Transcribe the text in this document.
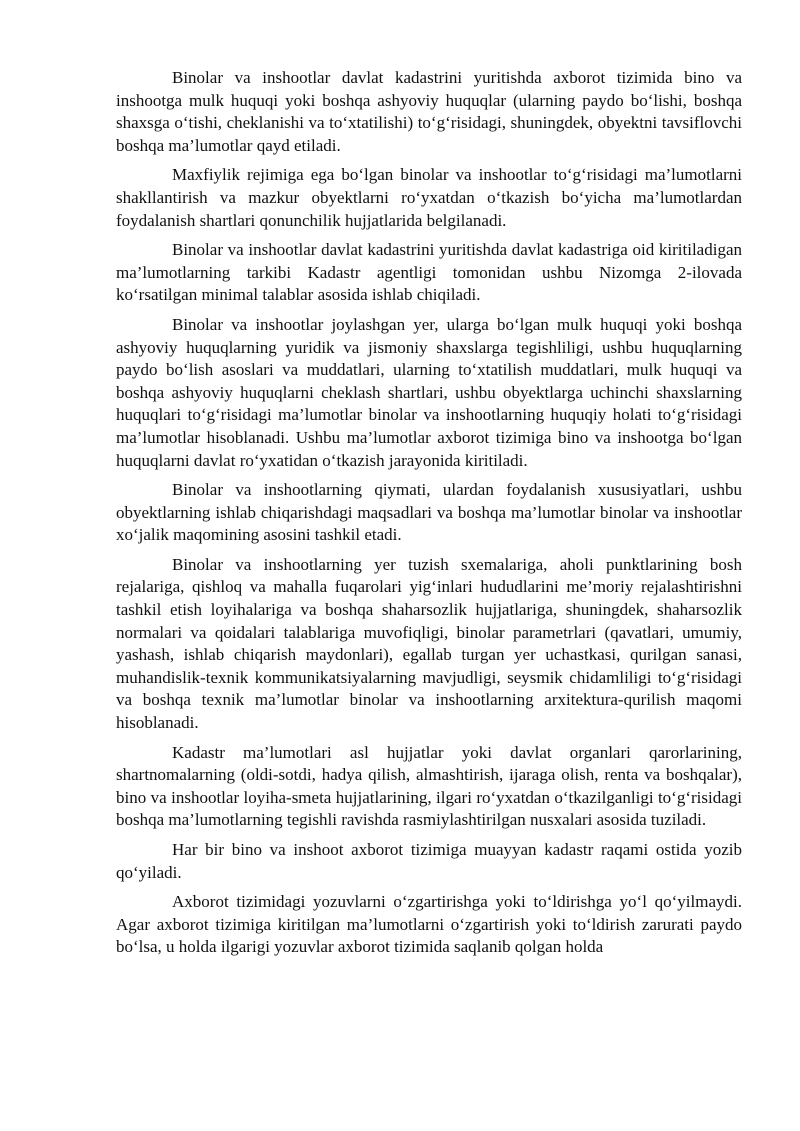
Binolar va inshootlar davlat kadastrini yuritishda axborot tizimida bino va inshootga mulk huquqi yoki boshqa ashyoviy huquqlar (ularning paydo bo‘lishi, boshqa shaxsga o‘tishi, cheklanishi va to‘xtatilishi) to‘g‘risidagi, shuningdek, obyektni tavsiflovchi boshqa ma’lumotlar qayd etiladi.

Maxfiylik rejimiga ega bo‘lgan binolar va inshootlar to‘g‘risidagi ma’lumotlarni shakllantirish va mazkur obyektlarni ro‘yxatdan o‘tkazish bo‘yicha ma’lumotlardan foydalanish shartlari qonunchilik hujjatlarida belgilanadi.

Binolar va inshootlar davlat kadastrini yuritishda davlat kadastriga oid kiritiladigan ma’lumotlarning tarkibi Kadastr agentligi tomonidan ushbu Nizomga 2-ilovada ko‘rsatilgan minimal talablar asosida ishlab chiqiladi.

Binolar va inshootlar joylashgan yer, ularga bo‘lgan mulk huquqi yoki boshqa ashyoviy huquqlarning yuridik va jismoniy shaxslarga tegishliligi, ushbu huquqlarning paydo bo‘lish asoslari va muddatlari, ularning to‘xtatilish muddatlari, mulk huquqi va boshqa ashyoviy huquqlarni cheklash shartlari, ushbu obyektlarga uchinchi shaxslarning huquqlari to‘g‘risidagi ma’lumotlar binolar va inshootlarning huquqiy holati to‘g‘risidagi ma’lumotlar hisoblanadi. Ushbu ma’lumotlar axborot tizimiga bino va inshootga bo‘lgan huquqlarni davlat ro‘yxatidan o‘tkazish jarayonida kiritiladi.

Binolar va inshootlarning qiymati, ulardan foydalanish xususiyatlari, ushbu obyektlarning ishlab chiqarishdagi maqsadlari va boshqa ma’lumotlar binolar va inshootlar xo‘jalik maqomining asosini tashkil etadi.

Binolar va inshootlarning yer tuzish sxemalariga, aholi punktlarining bosh rejalariga, qishloq va mahalla fuqarolari yig‘inlari hududlarini me’moriy rejalashtirishni tashkil etish loyihalariga va boshqa shaharsozlik hujjatlariga, shuningdek, shaharsozlik normalari va qoidalari talablariga muvofiqligi, binolar parametrlari (qavatlari, umumiy, yashash, ishlab chiqarish maydonlari), egallab turgan yer uchastkasi, qurilgan sanasi, muhandislik-texnik kommunikatsiyalarning mavjudligi, seysmik chidamliligi to‘g‘risidagi va boshqa texnik ma’lumotlar binolar va inshootlarning arxitektura-qurilish maqomi hisoblanadi.

Kadastr ma’lumotlari asl hujjatlar yoki davlat organlari qarorlarining, shartnomalarning (oldi-sotdi, hadya qilish, almashtirish, ijaraga olish, renta va boshqalar), bino va inshootlar loyiha-smeta hujjatlarining, ilgari ro‘yxatdan o‘tkazilganligi to‘g‘risidagi boshqa ma’lumotlarning tegishli ravishda rasmiylashtirilgan nusxalari asosida tuziladi.

Har bir bino va inshoot axborot tizimiga muayyan kadastr raqami ostida yozib qo‘yiladi.

Axborot tizimidagi yozuvlarni o‘zgartirishga yoki to‘ldirishga yo‘l qo‘yilmaydi. Agar axborot tizimiga kiritilgan ma’lumotlarni o‘zgartirish yoki to‘ldirish zarurati paydo bo‘lsa, u holda ilgarigi yozuvlar axborot tizimida saqlanib qolgan holda
